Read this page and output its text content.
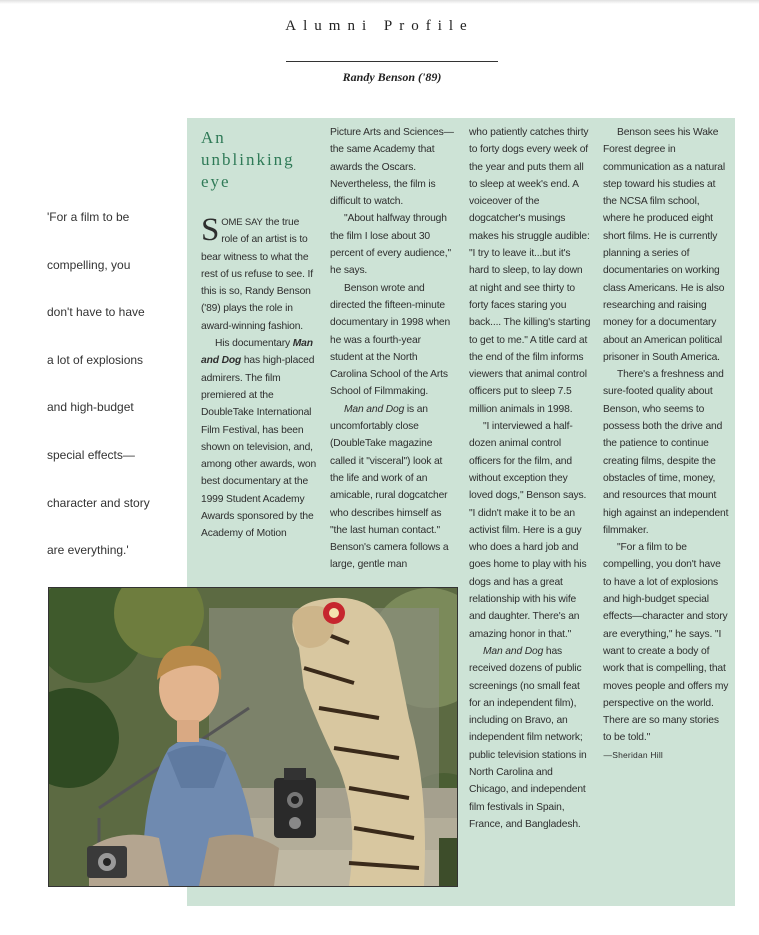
Alumni Profile
Randy Benson ('89)
An
unblinking
eye
'For a film to be
compelling, you
don't have to have
a lot of explosions
and high-budget
special effects—
character and story
are everything.'

SOME SAY the true role of an artist is to bear witness to what the rest of us refuse to see. If this is so, Randy Benson ('89) plays the role in award-winning fashion.

His documentary Man and Dog has high-placed admirers. The film premiered at the DoubleTake International Film Festival, has been shown on television, and, among other awards, won best documentary at the 1999 Student Academy Awards sponsored by the Academy of Motion

Picture Arts and Sciences—the same Academy that awards the Oscars. Nevertheless, the film is difficult to watch.

"About halfway through the film I lose about 30 percent of every audience," he says.

Benson wrote and directed the fifteen-minute documentary in 1998 when he was a fourth-year student at the North Carolina School of the Arts School of Filmmaking.

Man and Dog is an uncomfortably close (DoubleTake magazine called it "visceral") look at the life and work of an amicable, rural dogcatcher who describes himself as "the last human contact." Benson's camera follows a large, gentle man

who patiently catches thirty to forty dogs every week of the year and puts them all to sleep at week's end. A voiceover of the dogcatcher's musings makes his struggle audible: "I try to leave it...but it's hard to sleep, to lay down at night and see thirty to forty faces staring you back.... The killing's starting to get to me." A title card at the end of the film informs viewers that animal control officers put to sleep 7.5 million animals in 1998.

"I interviewed a half-dozen animal control officers for the film, and without exception they loved dogs," Benson says. "I didn't make it to be an activist film. Here is a guy who does a hard job and goes home to play with his dogs and has a great relationship with his wife and daughter. There's an amazing honor in that."

Man and Dog has received dozens of public screenings (no small feat for an independent film), including on Bravo, an independent film network; public television stations in North Carolina and Chicago, and independent film festivals in Spain, France, and Bangladesh.

Benson sees his Wake Forest degree in communication as a natural step toward his studies at the NCSA film school, where he produced eight short films. He is currently planning a series of documentaries on working class Americans. He is also researching and raising money for a documentary about an American political prisoner in South America.

There's a freshness and sure-footed quality about Benson, who seems to possess both the drive and the patience to continue creating films, despite the obstacles of time, money, and resources that mount high against an independent filmmaker.

"For a film to be compelling, you don't have to have a lot of explosions and high-budget special effects—character and story are everything," he says. "I want to create a body of work that is compelling, that moves people and offers my perspective on the world. There are so many stories to be told."

—Sheridan Hill
